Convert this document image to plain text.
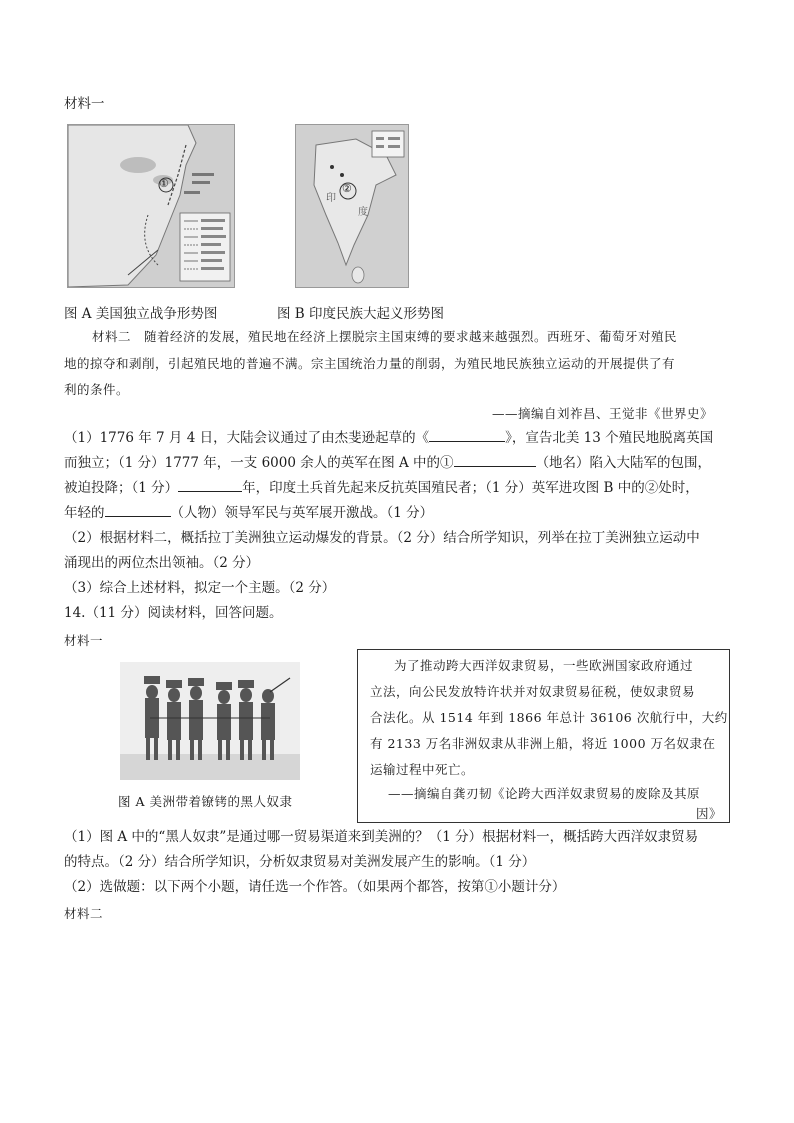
材料一
①	②
印
度
图 A 美国独立战争形势图	图 B 印度民族大起义形势图
材料二　随着经济的发展，殖民地在经济上摆脱宗主国束缚的要求越来越强烈。西班牙、葡萄牙对殖民
地的掠夺和剥削，引起殖民地的普遍不满。宗主国统治力量的削弱，为殖民地民族独立运动的开展提供了有
利的条件。
——摘编自刘祚昌、王觉非《世界史》
（1）1776 年 7 月 4 日，大陆会议通过了由杰斐逊起草的《	》，宣告北美 13 个殖民地脱离英国
而独立；（1 分）1777 年，一支 6000 余人的英军在图 A 中的①	（地名）陷入大陆军的包围，
被迫投降；（1 分）	年，印度土兵首先起来反抗英国殖民者；（1 分）英军进攻图 B 中的②处时，
年轻的	（人物）领导军民与英军展开激战。（1 分）
（2）根据材料二，概括拉丁美洲独立运动爆发的背景。（2 分）结合所学知识，列举在拉丁美洲独立运动中
涌现出的两位杰出领袖。（2 分）
（3）综合上述材料，拟定一个主题。（2 分）
14.（11 分）阅读材料，回答问题。
材料一
图 A 美洲带着镣铐的黑人奴隶
为了推动跨大西洋奴隶贸易，一些欧洲国家政府通过
立法，向公民发放特许状并对奴隶贸易征税，使奴隶贸易
合法化。从 1514 年到 1866 年总计 36106 次航行中，大约
有 2133 万名非洲奴隶从非洲上船，将近 1000 万名奴隶在
运输过程中死亡。
——摘编自龚刃韧《论跨大西洋奴隶贸易的废除及其原
因》
（1）图 A 中的“黑人奴隶”是通过哪一贸易渠道来到美洲的？（1 分）根据材料一，概括跨大西洋奴隶贸易
的特点。（2 分）结合所学知识，分析奴隶贸易对美洲发展产生的影响。（1 分）
（2）选做题：以下两个小题，请任选一个作答。（如果两个都答，按第①小题计分）
材料二
